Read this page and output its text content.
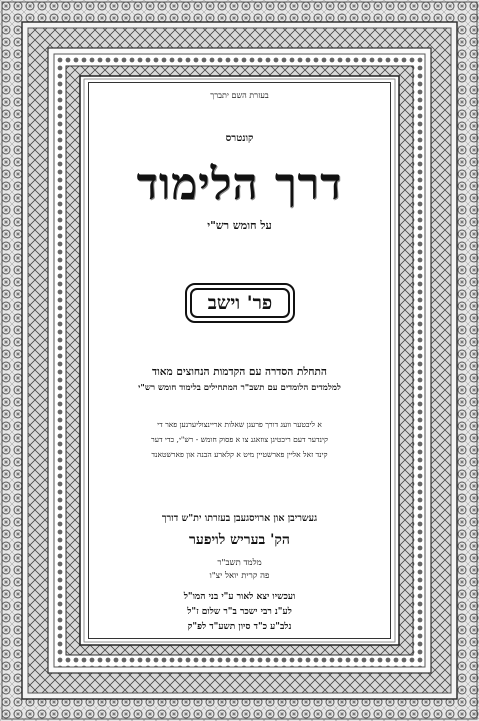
בעזרת השם יתברך
קונטרס
דרך הלימוד
על חומש רש"י
פר' וישב
התחלת הסדרה עם הקדמות הנחוצים מאוד
למלמדים הלומדים עם תשב"ר המתחילים בלימוד חומש רש"י
א ליבטער וועג דורך פרעגן שאלות אריינצוליערנען פאר די
קינדער דעם ריכטיגן צוזאגנ צו א פסוק חומש - רש"י, כדי דער
קינד זאל אליין פארשטיין מיט א קלארע הבנה און פארשטאנד
געשריבן און ארויסגעבן בעזרתו ית"ש דורך
הק' בעריש לויפער
מלמד תשב"ר
פה קרית יואל יצ"ו
ועכשיו יצא לאור ע"י בני המו"ל
לע"נ רבי ישכר ב"ר שלום ז"ל
נלב"ע כ"ד סיון תשע"ד לפ"ק
